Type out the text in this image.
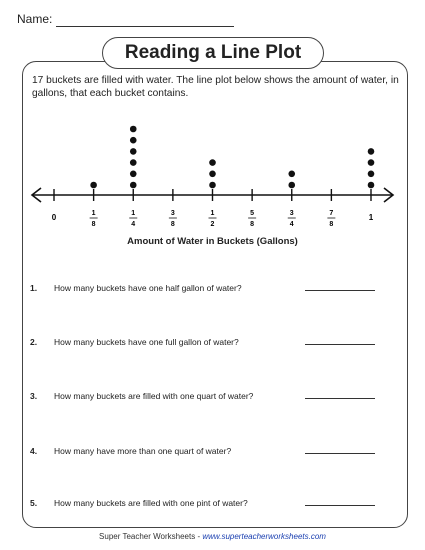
Name:
Reading a Line Plot
17 buckets are filled with water. The line plot below shows the amount of water, in gallons, that each bucket contains.
0	1
8
1
4
3
8
1
2
5
8
3
4
7
8
1
Amount of Water in Buckets (Gallons)
1. How many buckets have one half gallon of water?
2. How many buckets have one full gallon of water?
3. How many buckets are filled with one quart of water?
4. How many have more than one quart of water?
5. How many buckets are filled with one pint of water?
Super Teacher Worksheets - www.superteacherworksheets.com
